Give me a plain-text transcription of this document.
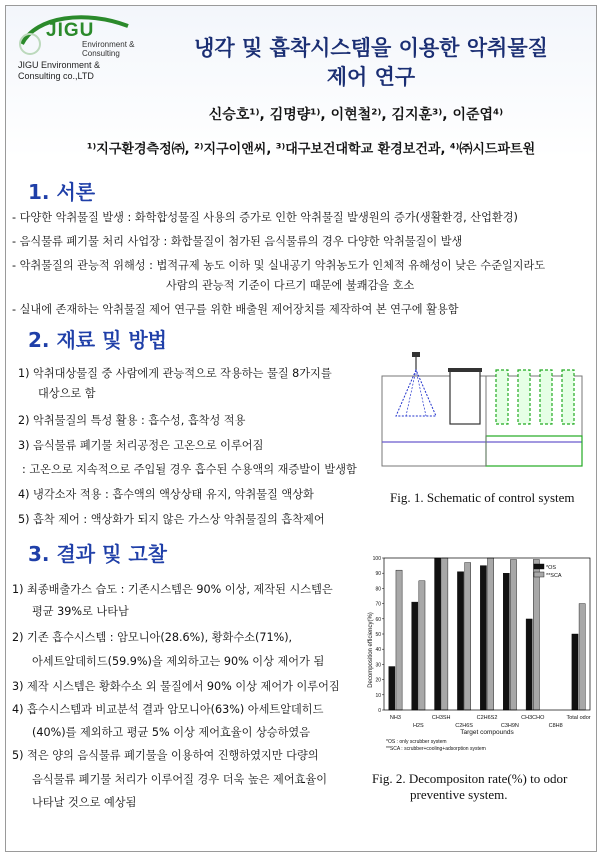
JIGU
Environment &
Consulting
JIGU Environment &
Consulting co.,LTD
냉각 및 흡착시스템을 이용한 악취물질
제어 연구
신승호¹⁾, 김명량¹⁾, 이현철²⁾, 김지훈³⁾, 이준엽⁴⁾
¹⁾지구환경측정㈜, ²⁾지구이앤씨, ³⁾대구보건대학교 환경보건과, ⁴⁾㈜시드파트원
1. 서론
- 다양한 악취물질 발생 : 화학합성물질 사용의 증가로 인한 악취물질 발생원의 증가(생활환경, 산업환경)
- 음식물류 폐기물 처리 사업장 : 화합물질이 첨가된 음식물류의 경우 다양한 악취물질이 발생
- 악취물질의 관능적 위해성 : 법적규제 농도 이하 및 실내공기 악취농도가 인체적 유해성이 낮은 수준일지라도
사람의 관능적 기준이 다르기 때문에 불쾌감을 호소
- 실내에 존재하는 악취물질 제어 연구를 위한 배출원 제어장치를 제작하여 본 연구에 활용함
2. 재료 및 방법
1) 악취대상물질 중 사람에게 관능적으로 작용하는 물질 8가지를
대상으로 함
2) 악취물질의 특성 활용 : 흡수성, 흡착성 적용
3) 음식물류 폐기물 처리공정은 고온으로 이루어짐
: 고온으로 지속적으로 주입될 경우 흡수된 수용액의 재증발이 발생함
4) 냉각소자 적용 : 흡수액의 액상상태 유지, 악취물질 액상화
5) 흡착 제어 : 액상화가 되지 않은 가스상 악취물질의 흡착제어
Fig. 1. Schematic of control system
3. 결과 및 고찰
1) 최종배출가스 습도 : 기존시스템은 90% 이상, 제작된 시스템은
평균 39%로 나타남
2) 기존 흡수시스템 : 암모니아(28.6%), 황화수소(71%),
아세트알데히드(59.9%)을 제외하고는 90% 이상 제어가 됨
3) 제작 시스템은 황화수소 외 물질에서 90% 이상 제어가 이루어짐
4) 흡수시스템과 비교분석 결과 암모니아(63%) 아세트알데히드
(40%)를 제외하고 평균 5% 이상 제어효율이 상승하였음
5) 적은 양의 음식물류 폐기물을 이용하여 진행하였지만 다량의
음식물류 폐기물 처리가 이루어질 경우 더욱 높은 제어효율이
나타날 것으로 예상됨
0
10
20
30
40
50
60
70
80
90
100
NH3
H2S
CH3SH
C2H6S
C2H6S2
C3H9N
CH3CHO
C8H8
Total odor
Decomposition efficiency(%)
Target compounds
*OS : only scrubber system
**SCA : scrubber+cooling+adsorption system
*OS
**SCA
Fig. 2. Decompositon rate(%) to odor
preventive system.
